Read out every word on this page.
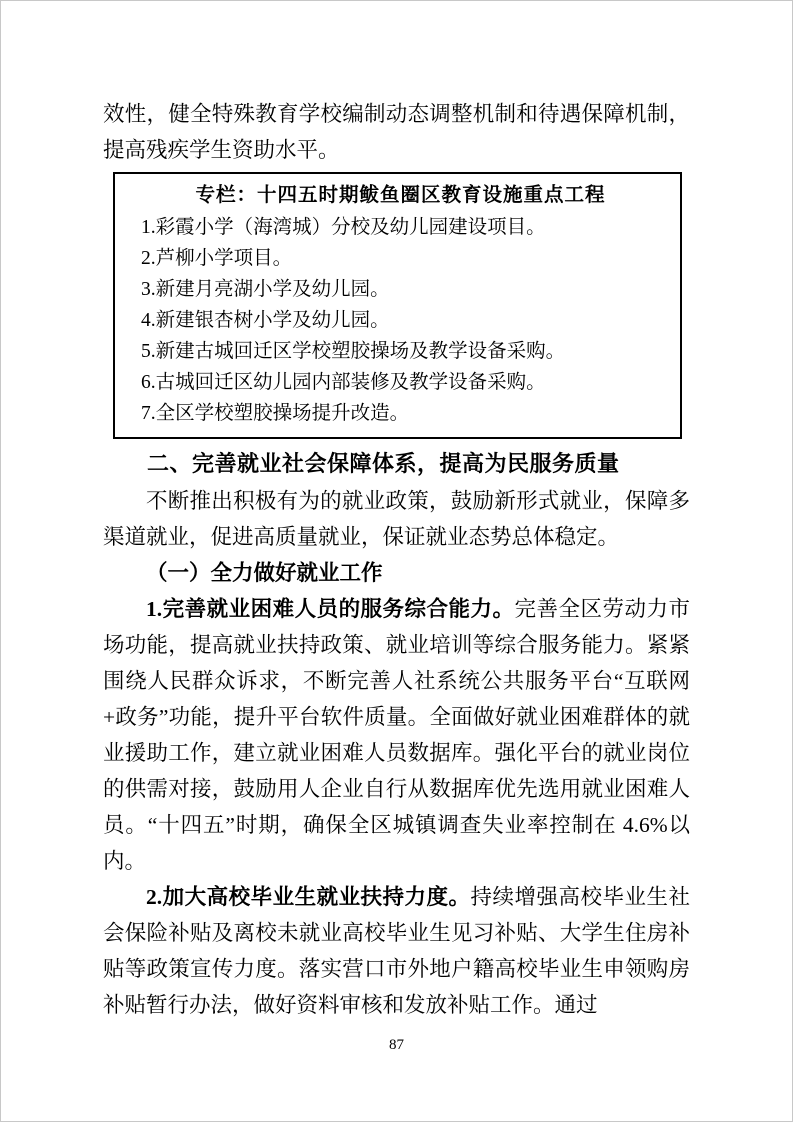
效性，健全特殊教育学校编制动态调整机制和待遇保障机制，提高残疾学生资助水平。

专栏：十四五时期鲅鱼圈区教育设施重点工程
1.彩霞小学（海湾城）分校及幼儿园建设项目。
2.芦柳小学项目。
3.新建月亮湖小学及幼儿园。
4.新建银杏树小学及幼儿园。
5.新建古城回迁区学校塑胶操场及教学设备采购。
6.古城回迁区幼儿园内部装修及教学设备采购。
7.全区学校塑胶操场提升改造。
二、完善就业社会保障体系，提高为民服务质量

不断推出积极有为的就业政策，鼓励新形式就业，保障多渠道就业，促进高质量就业，保证就业态势总体稳定。

（一）全力做好就业工作

1.完善就业困难人员的服务综合能力。完善全区劳动力市场功能，提高就业扶持政策、就业培训等综合服务能力。紧紧围绕人民群众诉求，不断完善人社系统公共服务平台“互联网+政务”功能，提升平台软件质量。全面做好就业困难群体的就业援助工作，建立就业困难人员数据库。强化平台的就业岗位的供需对接，鼓励用人企业自行从数据库优先选用就业困难人员。“十四五”时期，确保全区城镇调查失业率控制在 4.6%以内。

2.加大高校毕业生就业扶持力度。持续增强高校毕业生社会保险补贴及离校未就业高校毕业生见习补贴、大学生住房补贴等政策宣传力度。落实营口市外地户籍高校毕业生申领购房补贴暂行办法，做好资料审核和发放补贴工作。通过

87
